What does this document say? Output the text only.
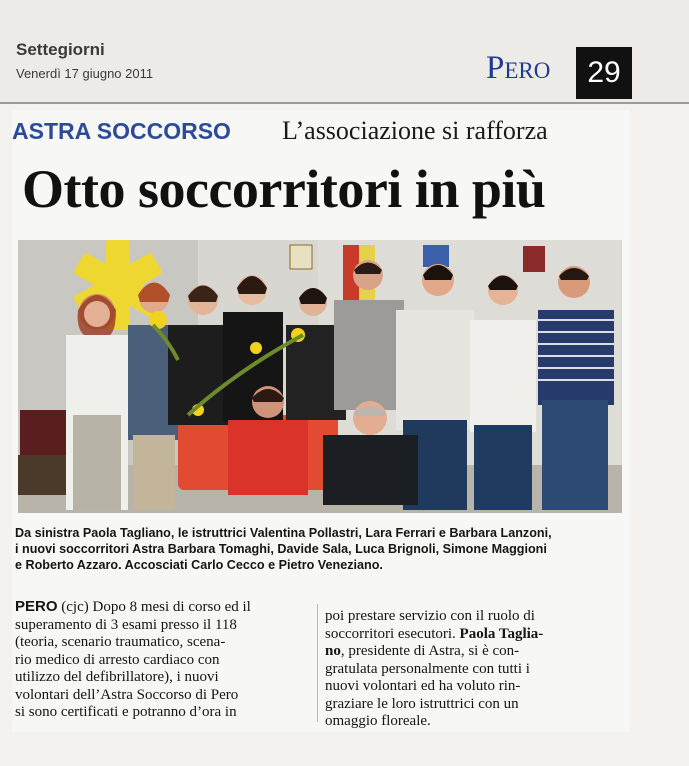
Settegiorni
Venerdì 17 giugno 2011	Pero	29
ASTRA SOCCORSO L’associazione si rafforza
Otto soccorritori in più

Da sinistra Paola Tagliano, le istruttrici Valentina Pollastri, Lara Ferrari e Barbara Lanzoni,

i nuovi soccorritori Astra Barbara Tomaghi, Davide Sala, Luca Brignoli, Simone Maggioni

e Roberto Azzaro. Accosciati Carlo Cecco e Pietro Veneziano.

PERO (cjc) Dopo 8 mesi di corso ed il

superamento di 3 esami presso il 118

(teoria, scenario traumatico, scena-

rio medico di arresto cardiaco con

utilizzo del defibrillatore), i nuovi

volontari dell’Astra Soccorso di Pero

si sono certificati e potranno d’ora in

poi prestare servizio con il ruolo di

soccorritori esecutori. Paola Taglia-

no, presidente di Astra, si è con-

gratulata personalmente con tutti i

nuovi volontari ed ha voluto rin-

graziare le loro istruttrici con un

omaggio floreale.
